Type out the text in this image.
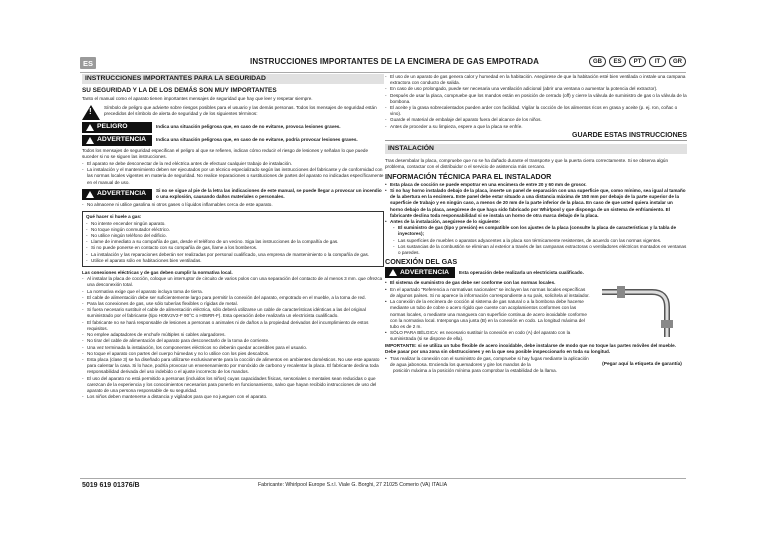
ES	INSTRUCCIONES IMPORTANTES DE LA ENCIMERA DE GAS EMPOTRADA	GB	ES	PT	IT	GR
INSTRUCCIONES IMPORTANTES PARA LA SEGURIDAD
SU SEGURIDAD Y LA DE LOS DEMÁS SON MUY IMPORTANTES

Tanto el manual como el aparato tienen importantes mensajes de seguridad que hay que leer y respetar siempre.

!
Símbolo de peligro que advierte sobre riesgos posibles para el usuario y las demás personas. Todos los mensajes de seguridad están precedidos del símbolo de alerta de seguridad y de los siguientes términos:
PELIGRO	Indica una situación peligrosa que, en caso de no evitarse, provoca lesiones graves.
ADVERTENCIA Indica una situación peligrosa que, en caso de no evitarse, podría provocar lesiones graves.

Todos los mensajes de seguridad especifican el peligro al que se refieren, indican cómo reducir el riesgo de lesiones y señalan lo que puede suceder si no se siguen las instrucciones.

- El aparato se debe desconectar de la red eléctrica antes de efectuar cualquier trabajo de instalación.
- La instalación y el mantenimiento deben ser ejecutados por un técnico especializado según las instrucciones del fabricante y de conformidad con las normas locales vigentes en materia de seguridad. No realice reparaciones o sustituciones de partes del aparato no indicadas específicamente en el manual de uso.
ADVERTENCIA Si no se sigue al pie de la letra las indicaciones de este manual, se puede llegar a provocar un incendio o una explosión, causando daños materiales o personales.
- No almacene ni utilice gasolina ni otros gases o líquidos inflamables cerca de este aparato.
Qué hacer si huele a gas:
- No intente encender ningún aparato.
- No toque ningún conmutador eléctrico.
- No utilice ningún teléfono del edificio.
- Llame de inmediato a su compañía de gas, desde el teléfono de un vecino. Siga las instrucciones de la compañía de gas.
- Si no puede ponerse en contacto con su compañía de gas, llame a los bomberos.
- La instalación y las reparaciones deberán ser realizadas por personal cualificado, una empresa de mantenimiento o la compañía de gas.
- Utilice el aparato sólo en habitaciones bien ventiladas.
Las conexiones eléctricas y de gas deben cumplir la normativa local.
- Al instalar la placa de cocción, coloque un interruptor de circuito de varios polos con una separación del contacto de al menos 3 mm. que ofrezca una desconexión total.
- La normativa exige que el aparato incluya toma de tierra.
- El cable de alimentación debe ser suficientemente largo para permitir la conexión del aparato, empotrado en el mueble, a la toma de red.
- Para las conexiones de gas, use sólo tuberías flexibles o rígidas de metal.
- Si fuera necesario sustituir el cable de alimentación eléctrica, sólo deberá utilizarse un cable de características idénticas a las del original suministrado por el fabricante (tipo H05V2V2-F 90°C o H05RR-F). Esta operación debe realizarla un electricista cualificado.
- El fabricante no se hará responsable de lesiones a personas o animales ni de daños a la propiedad derivados del incumplimiento de estos requisitos.
- No emplee adaptadores de enchufe múltiples ni cables alargadores.
- No tirar del cable de alimentación del aparato para desconectarlo de la toma de corriente.
- Una vez terminada la instalación, los componentes eléctricos no deberán quedar accesibles para el usuario.
- No toque el aparato con partes del cuerpo húmedas y no lo utilice con los pies descalzos.
- Esta placa (clase 3) se ha diseñado para utilizarse exclusivamente para la cocción de alimentos en ambientes domésticos. No use este aparato para calentar la casa. Si lo hace, podría provocar un envenenamiento por monóxido de carbono y recalentar la placa. El fabricante declina toda responsabilidad derivada del uso indebido o el ajuste incorrecto de los mandos.
- El uso del aparato no está permitido a personas (incluidos los niños) cuyas capacidades físicas, sensoriales o mentales sean reducidas o que carezcan de la experiencia y los conocimientos necesarios para ponerlo en funcionamiento, salvo que hayan recibido instrucciones de uso del aparato de una persona responsable de su seguridad.
- Los niños deben mantenerse a distancia y vigilados para que no jueguen con el aparato.
- El uso de un aparato de gas genera calor y humedad en la habitación. Asegúrese de que la habitación esté bien ventilada o instale una campana extractora con conducto de salida.
- En caso de uso prolongado, puede ser necesaria una ventilación adicional (abrir una ventana o aumentar la potencia del extractor).
- Después de usar la placa, compruebe que los mandos están en posición de cerrado (off) y cierre la válvula de suministro de gas o la válvula de la bombona.
- El aceite y la grasa sobrecalentados pueden arder con facilidad. Vigilar la cocción de los alimentos ricos en grasa y aceite (p. ej. ron, coñac o vino).
- Guarde el material de embalaje del aparato fuera del alcance de los niños.
- Antes de proceder a su limpieza, espere a que la placa se enfríe.
GUARDE ESTAS INSTRUCCIONES
INSTALACIÓN

Tras desembalar la placa, compruebe que no se ha dañado durante el transporte y que la puerta cierra correctamente. Si se observa algún problema, contactar con el distribuidor o el servicio de asistencia más cercano.

INFORMACIÓN TÉCNICA PARA EL INSTALADOR
• Esta placa de cocción se puede empotrar en una encimera de entre 20 y 60 mm de grosor.
• Si no hay horno instalado debajo de la placa, inserte un panel de separación con una superficie que, como mínimo, sea igual al tamaño de la abertura en la encimera. Este panel debe estar situado a una distancia máxima de 150 mm por debajo de la parte superior de la superficie de trabajo y en ningún caso, a menos de 20 mm de la parte inferior de la placa. En caso de que usted quiera instalar un horno debajo de la placa, asegúrese de que haya sido fabricado por Whirlpool y que disponga de un sistema de enfriamiento. El fabricante declina toda responsabilidad si se instala un horno de otra marca debajo de la placa.
• Antes de la instalación, asegúrese de lo siguiente:
- El suministro de gas (tipo y presión) es compatible con los ajustes de la placa (consulte la placa de características y la tabla de inyectores);
- Las superficies de muebles o aparatos adyacentes a la placa son térmicamente resistentes, de acuerdo con las normas vigentes.
- Los sustancias de la combustión se eliminan al exterior a través de las campanas extractoras o ventiladores eléctricos montados en ventanas o paredes.
CONEXIÓN DEL GAS
ADVERTENCIA Esta operación debe realizarla un electricista cualificado.
• El sistema de suministro de gas debe ser conforme con las normas locales.
• En el apartado "Referencia a normativas nacionales" se incluyen las normas locales específicas de algunos países. Si no aparece la información correspondiente a su país, solicítela al instalador.
• La conexión de la encimera de cocción al sistema de gas natural o a la bombona debe hacerse mediante un tubo de cobre o acero rígido que cuente con acoplamientos conformes con las normas locales, o mediante una manguera con superficie continua de acero inoxidable conforme con la normativa local. Interponga una junta (B) en la conexión en codo. La longitud máxima del tubo es de 2 m.
• SÓLO PARA BÉLGICA: es necesario sustituir la conexión en codo (A) del aparato con la suministrada (si se dispone de ella).

IMPORTANTE: si se utiliza un tubo flexible de acero inoxidable, debe instalarse de modo que no toque las partes móviles del mueble. Debe pasar por una zona sin obstrucciones y en la que sea posible inspeccionarlo en toda su longitud.

• Tras realizar la conexión con el suministro de gas, compruebe si hay fugas mediante la aplicación de agua jabonosa. Encienda los quemadores y gire los mandos de la

posición máxima a la posición mínima para comprobar la estabilidad de la llama.

(Pegar aquí la etiqueta de garantía)
5019 619 01376/B	Fabricante: Whirlpool Europe S.r.l. Viale G. Borghi, 27 21025 Comerio (VA) ITALIA
